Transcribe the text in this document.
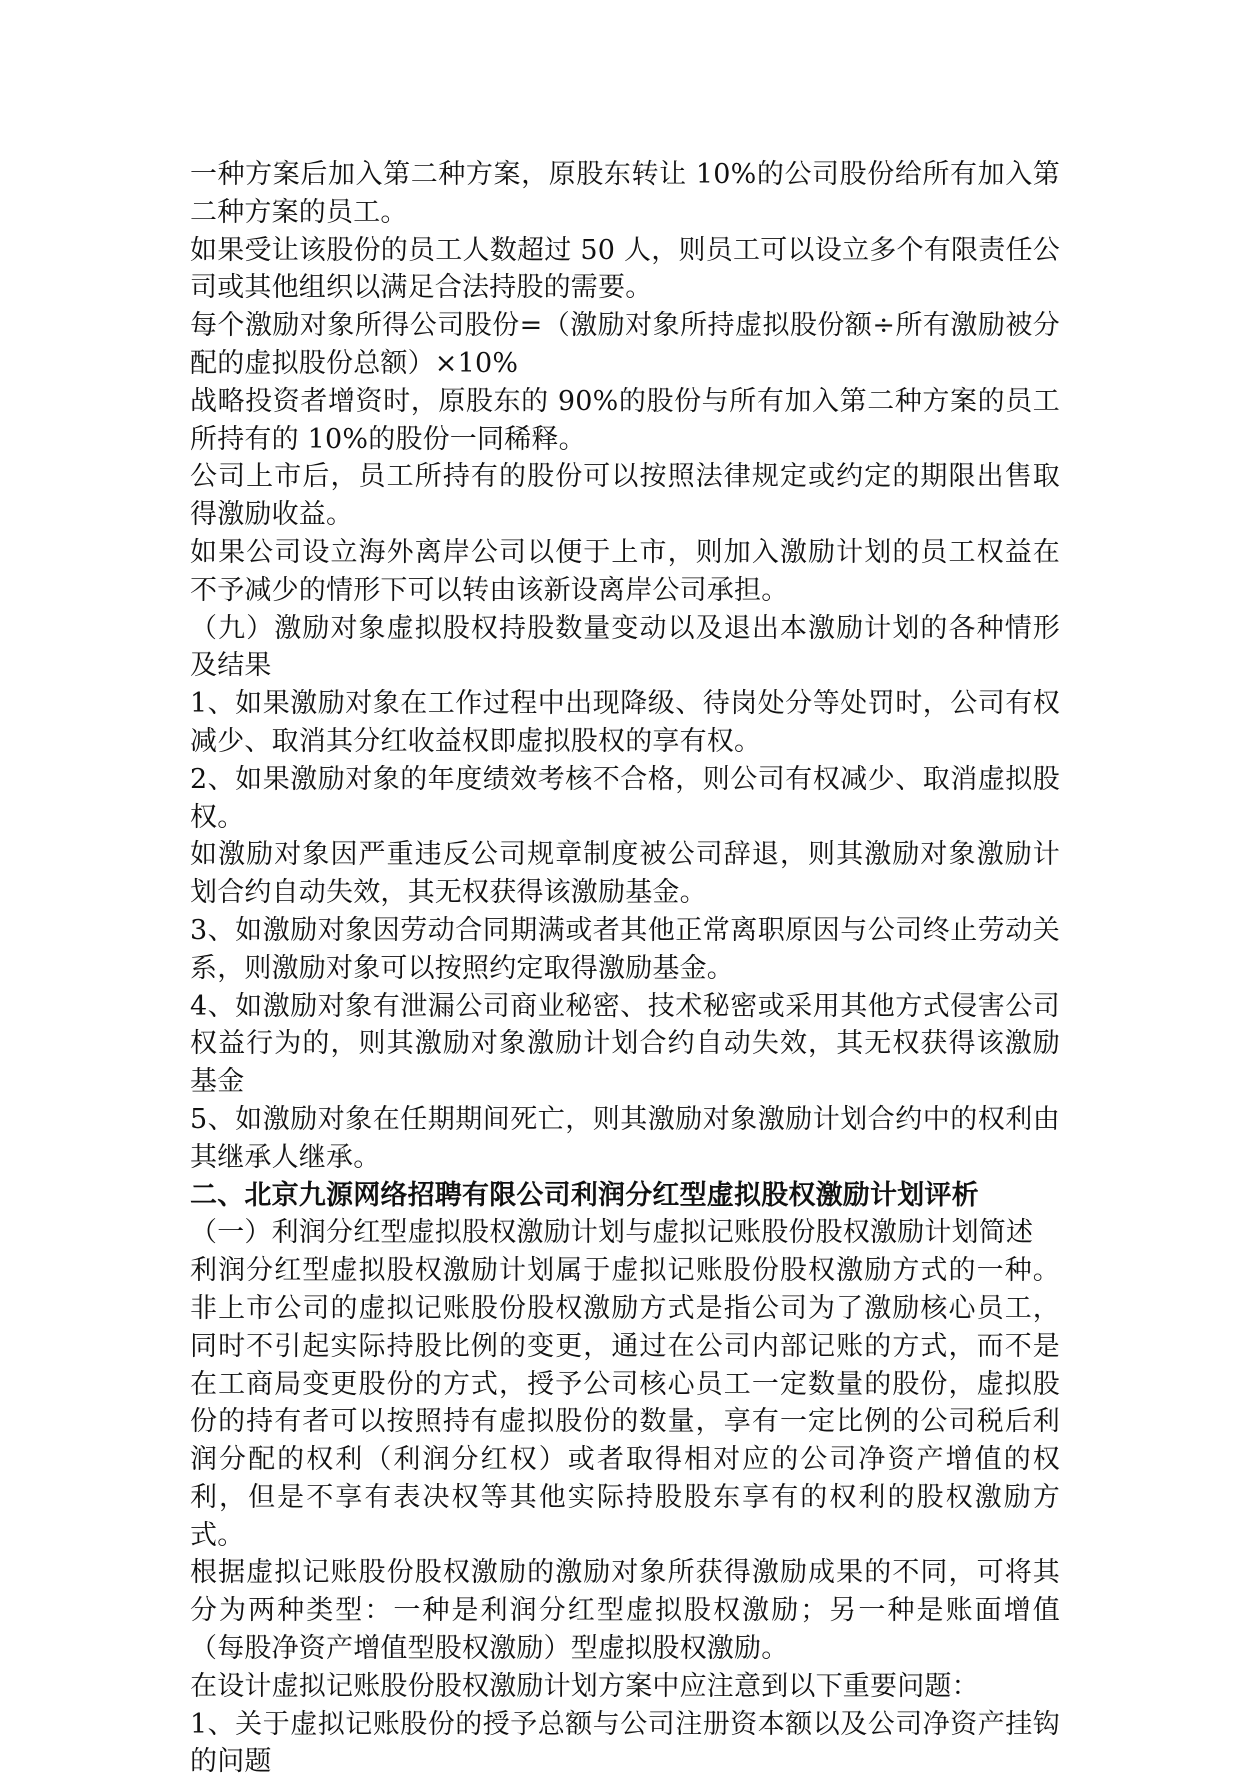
一种方案后加入第二种方案，原股东转让 10%的公司股份给所有加入第二种方案的员工。

如果受让该股份的员工人数超过 50 人，则员工可以设立多个有限责任公司或其他组织以满足合法持股的需要。

每个激励对象所得公司股份=（激励对象所持虚拟股份额÷所有激励被分配的虚拟股份总额）×10%

战略投资者增资时，原股东的 90%的股份与所有加入第二种方案的员工所持有的 10%的股份一同稀释。

公司上市后，员工所持有的股份可以按照法律规定或约定的期限出售取得激励收益。

如果公司设立海外离岸公司以便于上市，则加入激励计划的员工权益在不予减少的情形下可以转由该新设离岸公司承担。

（九）激励对象虚拟股权持股数量变动以及退出本激励计划的各种情形及结果

1、如果激励对象在工作过程中出现降级、待岗处分等处罚时，公司有权减少、取消其分红收益权即虚拟股权的享有权。

2、如果激励对象的年度绩效考核不合格，则公司有权减少、取消虚拟股权。

如激励对象因严重违反公司规章制度被公司辞退，则其激励对象激励计划合约自动失效，其无权获得该激励基金。

3、如激励对象因劳动合同期满或者其他正常离职原因与公司终止劳动关系，则激励对象可以按照约定取得激励基金。

4、如激励对象有泄漏公司商业秘密、技术秘密或采用其他方式侵害公司权益行为的，则其激励对象激励计划合约自动失效，其无权获得该激励基金

5、如激励对象在任期期间死亡，则其激励对象激励计划合约中的权利由其继承人继承。

二、北京九源网络招聘有限公司利润分红型虚拟股权激励计划评析

（一）利润分红型虚拟股权激励计划与虚拟记账股份股权激励计划简述

利润分红型虚拟股权激励计划属于虚拟记账股份股权激励方式的一种。非上市公司的虚拟记账股份股权激励方式是指公司为了激励核心员工，同时不引起实际持股比例的变更，通过在公司内部记账的方式，而不是在工商局变更股份的方式，授予公司核心员工一定数量的股份，虚拟股份的持有者可以按照持有虚拟股份的数量，享有一定比例的公司税后利润分配的权利（利润分红权）或者取得相对应的公司净资产增值的权利，但是不享有表决权等其他实际持股股东享有的权利的股权激励方式。

根据虚拟记账股份股权激励的激励对象所获得激励成果的不同，可将其分为两种类型：一种是利润分红型虚拟股权激励；另一种是账面增值（每股净资产增值型股权激励）型虚拟股权激励。

在设计虚拟记账股份股权激励计划方案中应注意到以下重要问题：

1、关于虚拟记账股份的授予总额与公司注册资本额以及公司净资产挂钩的问题
